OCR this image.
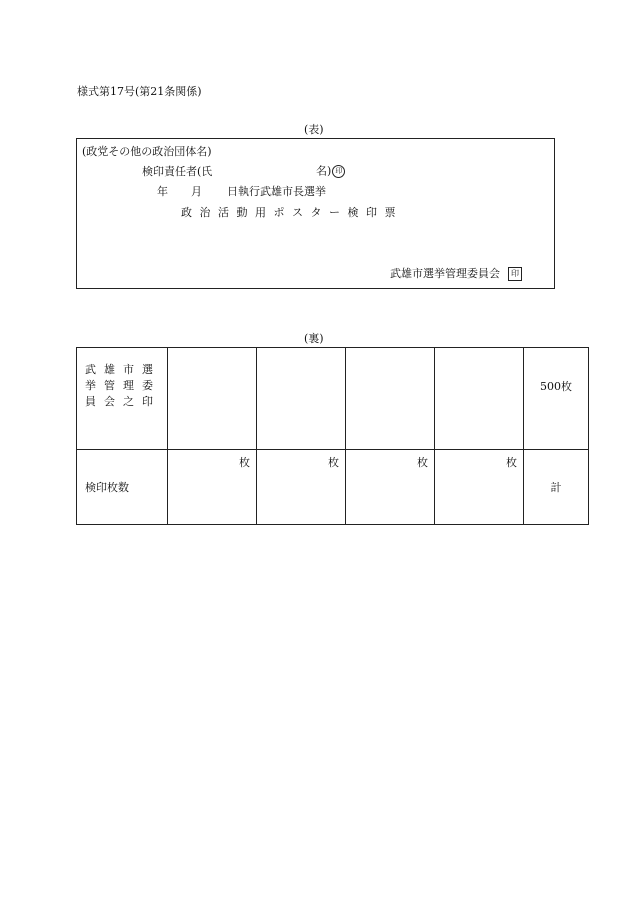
様式第17号(第21条関係)
(表)
(政党その他の政治団体名)
検印責任者(氏	名) 印
年 月 日執行武雄市長選挙
政 治 活 動 用 ポ ス タ ー 検 印 票
武雄市選挙管理委員会 印
(裏)
武雄市選
挙管理委
員会之印					500枚
検印枚数	枚	枚	枚	枚	計
